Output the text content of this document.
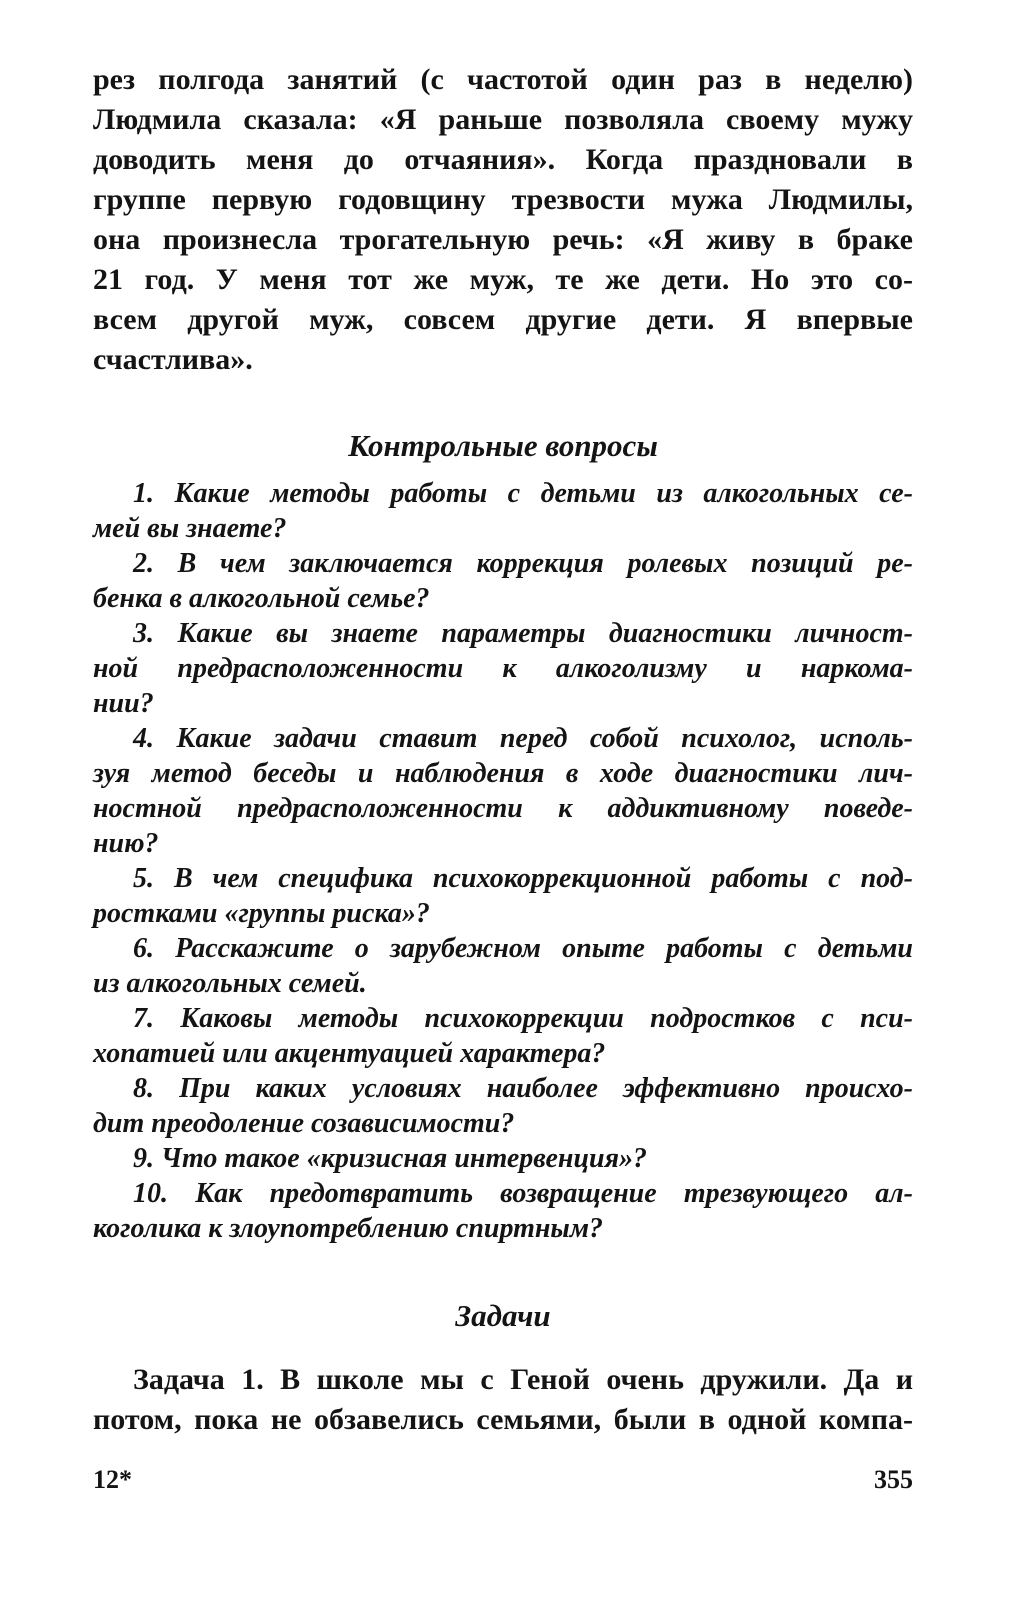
рез полгода занятий (с частотой один раз в неделю)
Людмила сказала: «Я раньше позволяла своему мужу
доводить меня до отчаяния». Когда праздновали в
группе первую годовщину трезвости мужа Людмилы,
она произнесла трогательную речь: «Я живу в браке
21 год. У меня тот же муж, те же дети. Но это со-
всем другой муж, совсем другие дети. Я впервые
счастлива».
Контрольные вопросы
1. Какие методы работы с детьми из алкогольных се-
мей вы знаете?
2. В чем заключается коррекция ролевых позиций ре-
бенка в алкогольной семье?
3. Какие вы знаете параметры диагностики личност-
ной предрасположенности к алкоголизму и наркома-
нии?
4. Какие задачи ставит перед собой психолог, исполь-
зуя метод беседы и наблюдения в ходе диагностики лич-
ностной предрасположенности к аддиктивному поведе-
нию?
5. В чем специфика психокоррекционной работы с под-
ростками «группы риска»?
6. Расскажите о зарубежном опыте работы с детьми
из алкогольных семей.
7. Каковы методы психокоррекции подростков с пси-
хопатией или акцентуацией характера?
8. При каких условиях наиболее эффективно происхо-
дит преодоление созависимости?
9. Что такое «кризисная интервенция»?
10. Как предотвратить возвращение трезвующего ал-
коголика к злоупотреблению спиртным?
Задачи
Задача 1. В школе мы с Геной очень дружили. Да и
потом, пока не обзавелись семьями, были в одной компа-
12*	355
